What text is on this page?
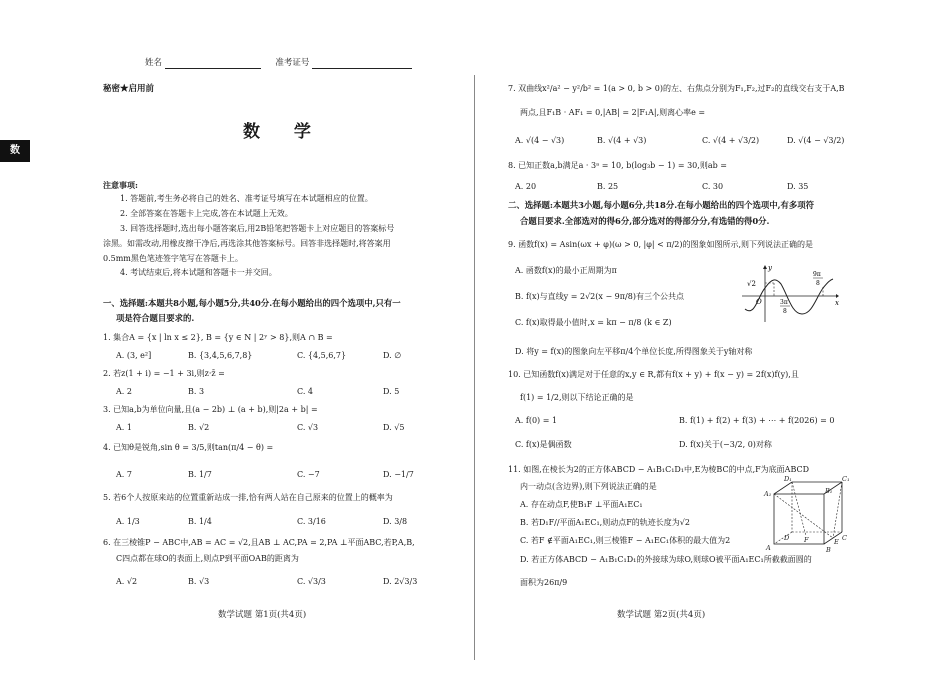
数
姓名	准考证号
秘密★启用前
数 学
注意事项:
1. 答题前,考生务必将自己的姓名、准考证号填写在本试题相应的位置。
2. 全部答案在答题卡上完成,答在本试题上无效。
3. 回答选择题时,选出每小题答案后,用2B铅笔把答题卡上对应题目的答案标号
涂黑。如需改动,用橡皮擦干净后,再选涂其他答案标号。回答非选择题时,将答案用
0.5mm黑色笔迹签字笔写在答题卡上。
4. 考试结束后,将本试题和答题卡一并交回。
一、选择题:本题共8小题,每小题5分,共40分.在每小题给出的四个选项中,只有一
项是符合题目要求的.
1. 集合A = {x | ln x ≤ 2}, B = {y ∈ N | 2ʸ > 8},则A ∩ B =
A. (3, e²]	B. {3,4,5,6,7,8}	C. {4,5,6,7}	D. ∅
2. 若z(1 + i) = −1 + 3i,则z·z̄ =
A. 2	B. 3	C. 4	D. 5
3. 已知a,b为单位向量,且(a − 2b) ⊥ (a + b),则|2a + b| =
A. 1	B. √2	C. √3	D. √5
4. 已知θ是锐角,sin θ = 3/5,则tan(π/4 − θ) =
A. 7	B. 1/7	C. −7	D. −1/7
5. 若6个人按原来站的位置重新站成一排,恰有两人站在自己原来的位置上的概率为
A. 1/3	B. 1/4	C. 3/16	D. 3/8
6. 在三棱锥P − ABC中,AB = AC = √2,且AB ⊥ AC,PA = 2,PA ⊥平面ABC,若P,A,B,
C四点都在球O的表面上,则点P到平面OAB的距离为
A. √2	B. √3	C. √3/3	D. 2√3/3
数学试题 第1页(共4页)
7. 双曲线x²/a² − y²/b² = 1(a > 0, b > 0)的左、右焦点分别为F₁,F₂,过F₂的直线交右支于A,B
两点,且F₁B · AF₁ = 0,|AB| = 2|F₁A|,则离心率e =
A. √(4 − √3)	B. √(4 + √3)	C. √(4 + √3/2)	D. √(4 − √3/2)
8. 已知正数a,b满足a · 3ᵃ = 10, b(log₃b − 1) = 30,则ab =
A. 20	B. 25	C. 30	D. 35
二、选择题:本题共3小题,每小题6分,共18分.在每小题给出的四个选项中,有多项符
合题目要求.全部选对的得6分,部分选对的得部分分,有选错的得0分.
9. 函数f(x) = Asin(ωx + φ)(ω > 0, |φ| < π/2)的图象如图所示,则下列说法正确的是
A. 函数f(x)的最小正周期为π
B. f(x)与直线y = 2√2(x − 9π/8)有三个公共点
C. f(x)取得最小值时,x = kπ − π/8 (k ∈ Z)
D. 将y = f(x)的图象向左平移π/4个单位长度,所得图象关于y轴对称
y
x
√2
O	3π
8
9π
8
10. 已知函数f(x)满足对于任意的x,y ∈ R,都有f(x + y) + f(x − y) = 2f(x)f(y),且
f(1) = 1/2,则以下结论正确的是
A. f(0) = 1	B. f(1) + f(2) + f(3) + ⋯ + f(2026) = 0
C. f(x)是偶函数	D. f(x)关于(−3/2, 0)对称
11. 如图,在棱长为2的正方体ABCD − A₁B₁C₁D₁中,E为棱BC的中点,F为底面ABCD
内一动点(含边界),则下列说法正确的是
A. 存在动点F,使B₁F ⊥平面A₁EC₁
B. 若D₁F//平面A₁EC₁,则动点F的轨迹长度为√2
C. 若F ∉平面A₁EC₁,则三棱锥F − A₁EC₁体积的最大值为2
D. 若正方体ABCD − A₁B₁C₁D₁的外接球为球O,则球O被平面A₁EC₁所截截面圆的
面积为26π/9
A₁
D₁	C₁
B₁
D
A	B
C
E
F
数学试题 第2页(共4页)
